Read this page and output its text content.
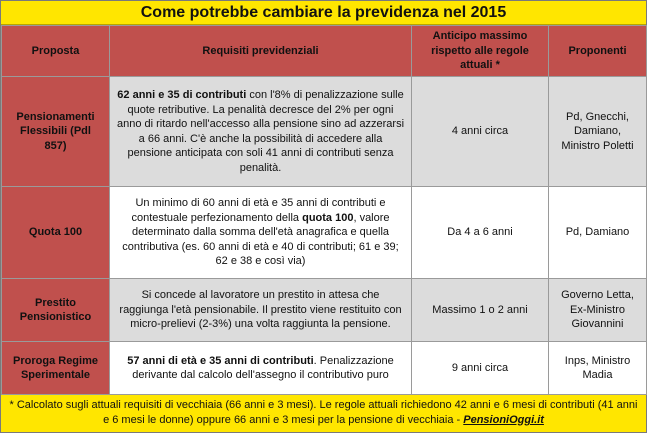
Come potrebbe cambiare la previdenza nel 2015
Proposta	Requisiti previdenziali	Anticipo massimo rispetto alle regole attuali *	Proponenti
Pensionamenti Flessibili (Pdl 857)	62 anni e 35 di contributi con l'8% di penalizzazione sulle quote retributive. La penalità decresce del 2% per ogni anno di ritardo nell'accesso alla pensione sino ad azzerarsi a 66 anni. C'è anche la possibilità di accedere alla pensione anticipata con soli 41 anni di contributi senza penalità.	4 anni circa	Pd, Gnecchi, Damiano, Ministro Poletti
Quota 100	Un minimo di 60 anni di età e 35 anni di contributi e contestuale perfezionamento della quota 100, valore determinato dalla somma dell'età anagrafica e quella contributiva (es. 60 anni di età e 40 di contributi; 61 e 39; 62 e 38 e così via)	Da 4 a 6 anni	Pd, Damiano
Prestito Pensionistico	Si concede al lavoratore un prestito in attesa che raggiunga l'età pensionabile. Il prestito viene restituito con micro-prelievi (2-3%) una volta raggiunta la pensione.	Massimo 1 o 2 anni	Governo Letta, Ex-Ministro Giovannini
Proroga Regime Sperimentale	57 anni di età e 35 anni di contributi. Penalizzazione derivante dal calcolo dell'assegno il contributivo puro	9 anni circa	Inps, Ministro Madia
* Calcolato sugli attuali requisiti di vecchiaia (66 anni e 3 mesi). Le regole attuali richiedono 42 anni e 6 mesi di contributi (41 anni e 6 mesi le donne) oppure 66 anni e 3 mesi per la pensione di vecchiaia - PensioniOggi.it
